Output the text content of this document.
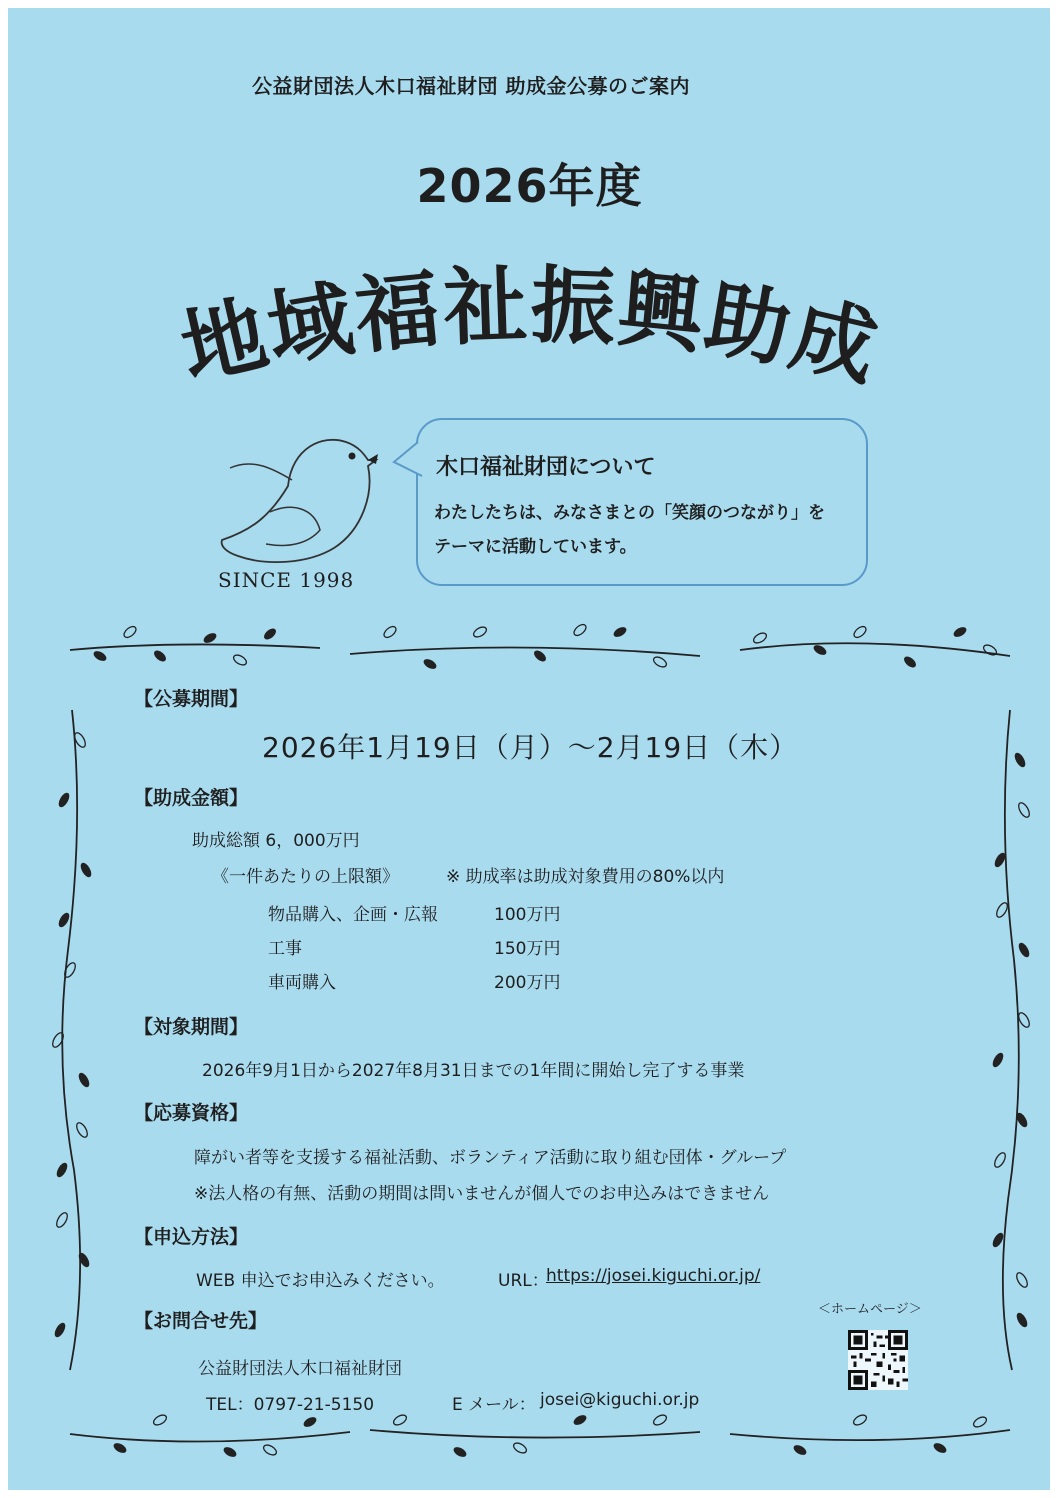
公益財団法人木口福祉財団 助成金公募のご案内

2026年度

地域福祉振興助成

SINCE 1998

木口福祉財団について

わたしたちは、みなさまとの「笑顔のつながり」を

テーマに活動しています。

【公募期間】

2026年1月19日（月）～2月19日（木）

【助成金額】

助成総額 6，000万円

《一件あたりの上限額》	※ 助成率は助成対象費用の80%以内

物品購入、企画・広報	100万円

工事	150万円

車両購入	200万円

【対象期間】

2026年9月1日から2027年8月31日までの1年間に開始し完了する事業

【応募資格】

障がい者等を支援する福祉活動、ボランティア活動に取り組む団体・グループ

※法人格の有無、活動の期間は問いませんが個人でのお申込みはできません

【申込方法】

WEB 申込でお申込みください。	URL：

https://josei.kiguchi.or.jp/

＜ホームページ＞

【お問合せ先】

公益財団法人木口福祉財団

TEL：0797-21-5150	E メール： josei@kiguchi.or.jp
